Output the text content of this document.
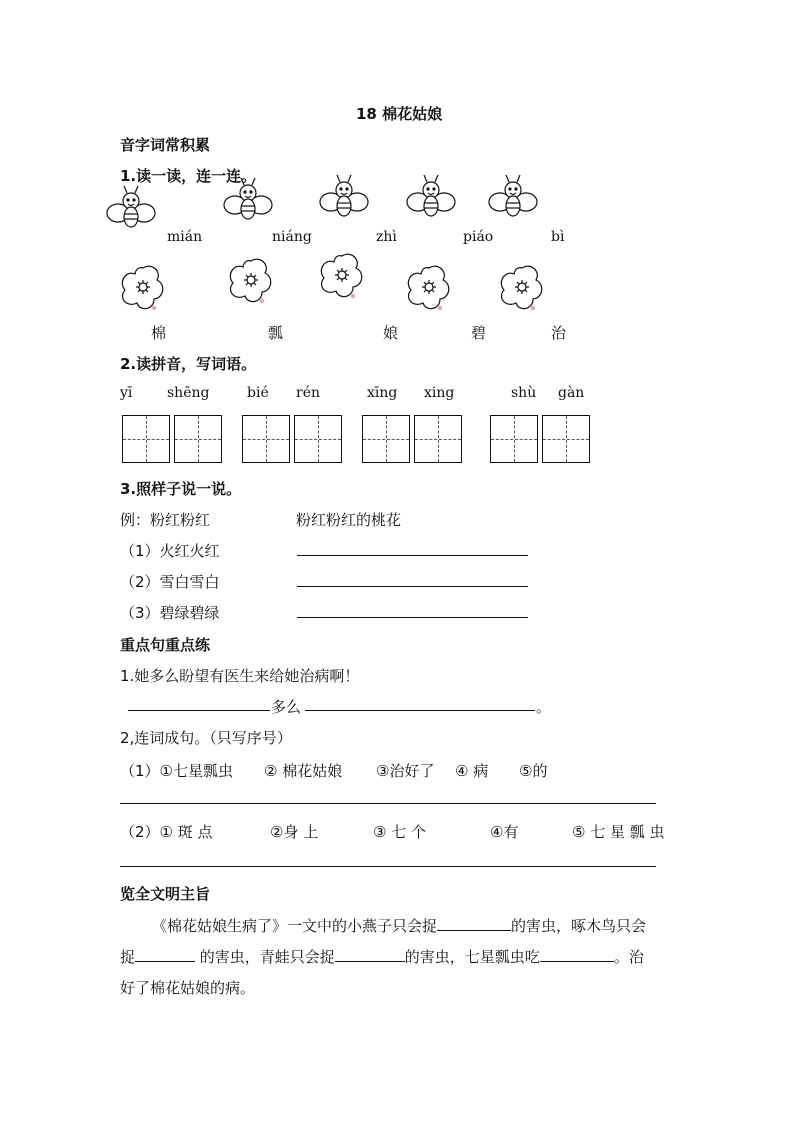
18 棉花姑娘
音字词常积累
1.读一读，连一连。
mián	niáng	zhì	piáo	bì
棉	瓢	娘	碧	治
2.读拼音，写词语。
yī shēng	bié rén	xīng xing	shù gàn
3.照样子说一说。
例：粉红粉红	粉红粉红的桃花
（1）火红火红
（2）雪白雪白
（3）碧绿碧绿
重点句重点练
1.她多么盼望有医生来给她治病啊！
多么	。
2,连词成句。（只写序号）
（1）①七星瓢虫 ② 棉花姑娘 ③治好了 ④ 病 ⑤的
（2）① 斑 点	②身 上	③ 七 个	④有	⑤ 七 星 瓢 虫
览全文明主旨
《棉花姑娘生病了》一文中的小燕子只会捉	的害虫，啄木鸟只会
捉	的害虫，青蛙只会捉	的害虫，七星瓢虫吃	。治
好了棉花姑娘的病。
